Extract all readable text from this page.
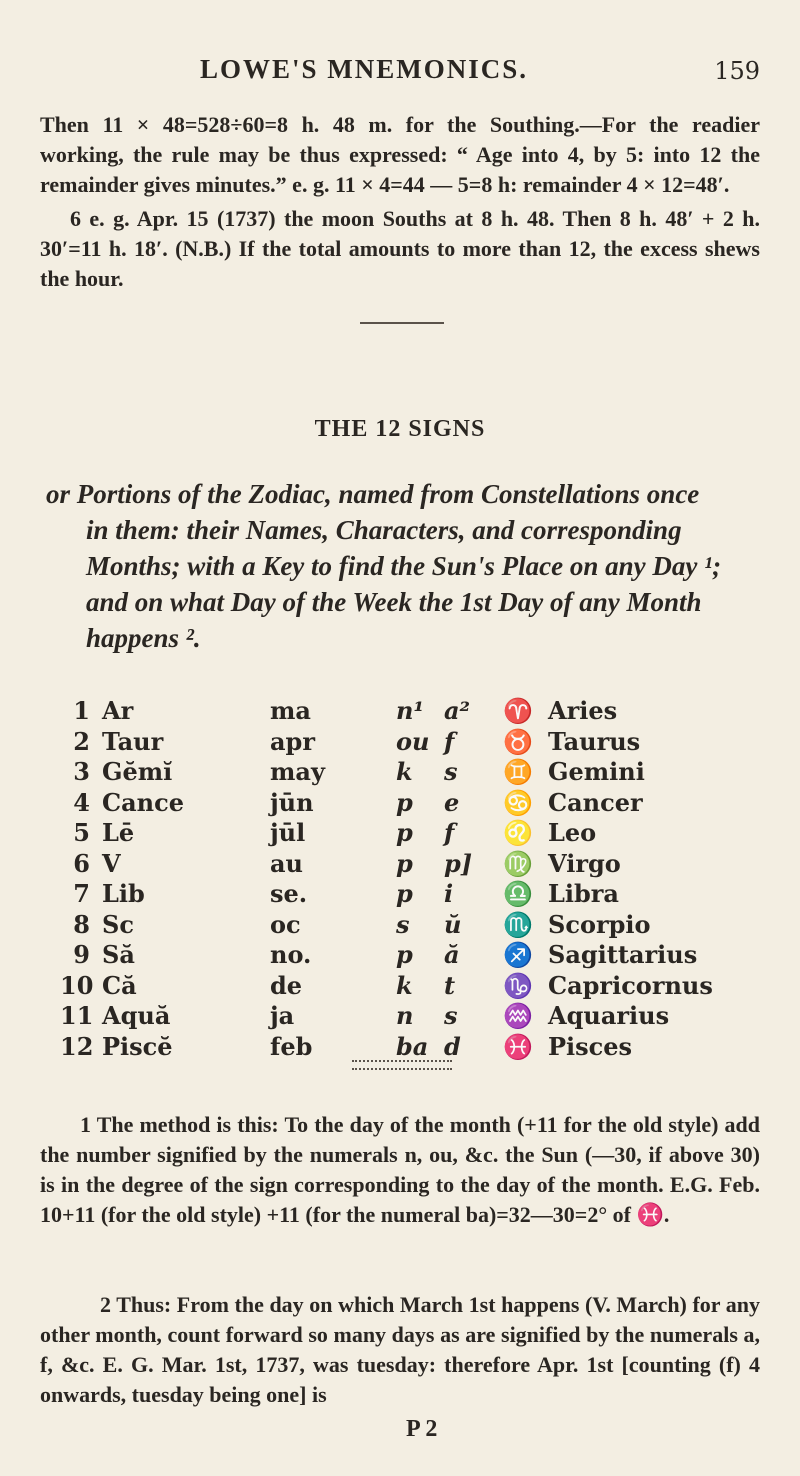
LOWE'S MNEMONICS.	159
Then 11 × 48=528÷60=8 h. 48 m. for the Southing.—For the readier working, the rule may be thus expressed: “ Age into 4, by 5: into 12 the remainder gives minutes.” e. g. 11 × 4=44 — 5=8 h: remainder 4 × 12=48′.
6 e. g. Apr. 15 (1737) the moon Souths at 8 h. 48. Then 8 h. 48′ + 2 h. 30′=11 h. 18′. (N.B.) If the total amounts to more than 12, the excess shews the hour.
THE 12 SIGNS
or Portions of the Zodiac, named from Constellations once
in them: their Names, Characters, and corresponding Months; with a Key to find the Sun's Place on any Day ¹; and on what Day of the Week the 1st Day of any Month happens ².
1 Ar	ma	n¹ a² ♈ Aries
2 Taur	apr	ou f ♉ Taurus
3 Gĕmĭ	may	k s ♊ Gemini
4 Cance	jūn	p e ♋ Cancer
5 Lē	jūl	p f ♌ Leo
6 V	au	p p] ♍ Virgo
7 Lib	se.	p i ♎ Libra
8 Sc	oc	s ŭ ♏ Scorpio
9 Să	no.	p ă ♐ Sagittarius
10 Că	de	k t ♑ Capricornus
11 Aquă	ja	n s ♒ Aquarius
12 Piscĕ	feb	ba d ♓ Pisces
1 The method is this: To the day of the month (+11 for the old style) add the number signified by the numerals n, ou, &c. the Sun (—30, if above 30) is in the degree of the sign corresponding to the day of the month. E.G. Feb. 10+11 (for the old style) +11 (for the numeral ba)=32—30=2° of ♓.
2 Thus: From the day on which March 1st happens (V. March) for any other month, count forward so many days as are signified by the numerals a, f, &c. E. G. Mar. 1st, 1737, was tuesday: therefore Apr. 1st [counting (f) 4 onwards, tuesday being one] is
P 2
